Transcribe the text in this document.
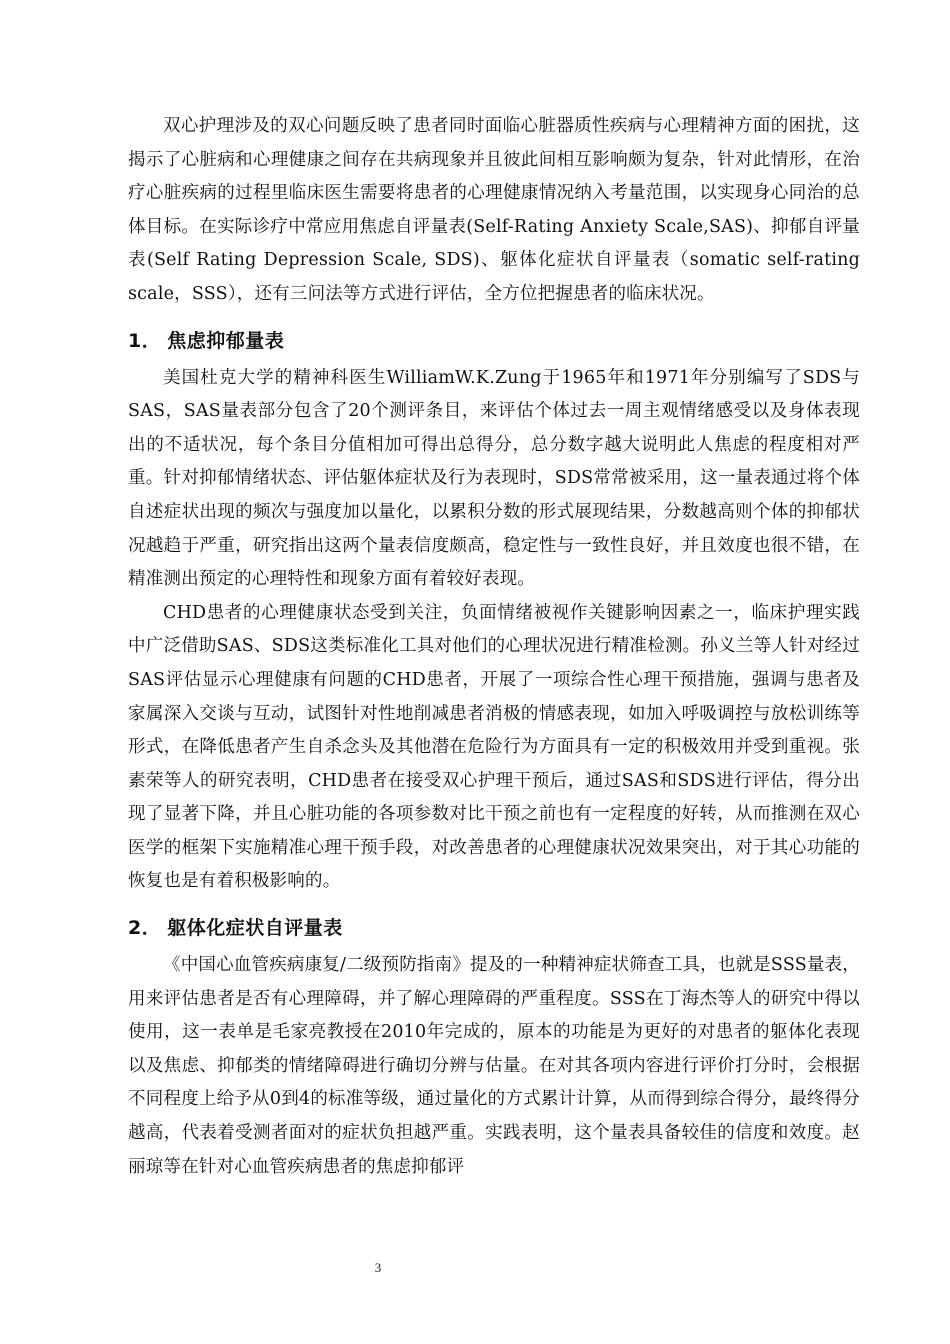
双心护理涉及的双心问题反映了患者同时面临心脏器质性疾病与心理精神方面的困扰，这揭示了心脏病和心理健康之间存在共病现象并且彼此间相互影响颇为复杂，针对此情形，在治疗心脏疾病的过程里临床医生需要将患者的心理健康情况纳入考量范围，以实现身心同治的总体目标。在实际诊疗中常应用焦虑自评量表(Self-Rating Anxiety Scale,SAS)、抑郁自评量表(Self Rating Depression Scale, SDS)、躯体化症状自评量表（somatic self-rating scale，SSS），还有三问法等方式进行评估，全方位把握患者的临床状况。

1． 焦虑抑郁量表

美国杜克大学的精神科医生WilliamW.K.Zung于1965年和1971年分别编写了SDS与SAS，SAS量表部分包含了20个测评条目，来评估个体过去一周主观情绪感受以及身体表现出的不适状况，每个条目分值相加可得出总得分，总分数字越大说明此人焦虑的程度相对严重。针对抑郁情绪状态、评估躯体症状及行为表现时，SDS常常被采用，这一量表通过将个体自述症状出现的频次与强度加以量化，以累积分数的形式展现结果，分数越高则个体的抑郁状况越趋于严重，研究指出这两个量表信度颇高，稳定性与一致性良好，并且效度也很不错，在精准测出预定的心理特性和现象方面有着较好表现。

CHD患者的心理健康状态受到关注，负面情绪被视作关键影响因素之一，临床护理实践中广泛借助SAS、SDS这类标准化工具对他们的心理状况进行精准检测。孙义兰等人针对经过SAS评估显示心理健康有问题的CHD患者，开展了一项综合性心理干预措施，强调与患者及家属深入交谈与互动，试图针对性地削减患者消极的情感表现，如加入呼吸调控与放松训练等形式，在降低患者产生自杀念头及其他潜在危险行为方面具有一定的积极效用并受到重视。张素荣等人的研究表明，CHD患者在接受双心护理干预后，通过SAS和SDS进行评估，得分出现了显著下降，并且心脏功能的各项参数对比干预之前也有一定程度的好转，从而推测在双心医学的框架下实施精准心理干预手段，对改善患者的心理健康状况效果突出，对于其心功能的恢复也是有着积极影响的。

2． 躯体化症状自评量表

《中国心血管疾病康复/二级预防指南》提及的一种精神症状筛查工具，也就是SSS量表，用来评估患者是否有心理障碍，并了解心理障碍的严重程度。SSS在丁海杰等人的研究中得以使用，这一表单是毛家亮教授在2010年完成的，原本的功能是为更好的对患者的躯体化表现以及焦虑、抑郁类的情绪障碍进行确切分辨与估量。在对其各项内容进行评价打分时，会根据不同程度上给予从0到4的标准等级，通过量化的方式累计计算，从而得到综合得分，最终得分越高，代表着受测者面对的症状负担越严重。实践表明，这个量表具备较佳的信度和效度。赵丽琼等在针对心血管疾病患者的焦虑抑郁评

3
